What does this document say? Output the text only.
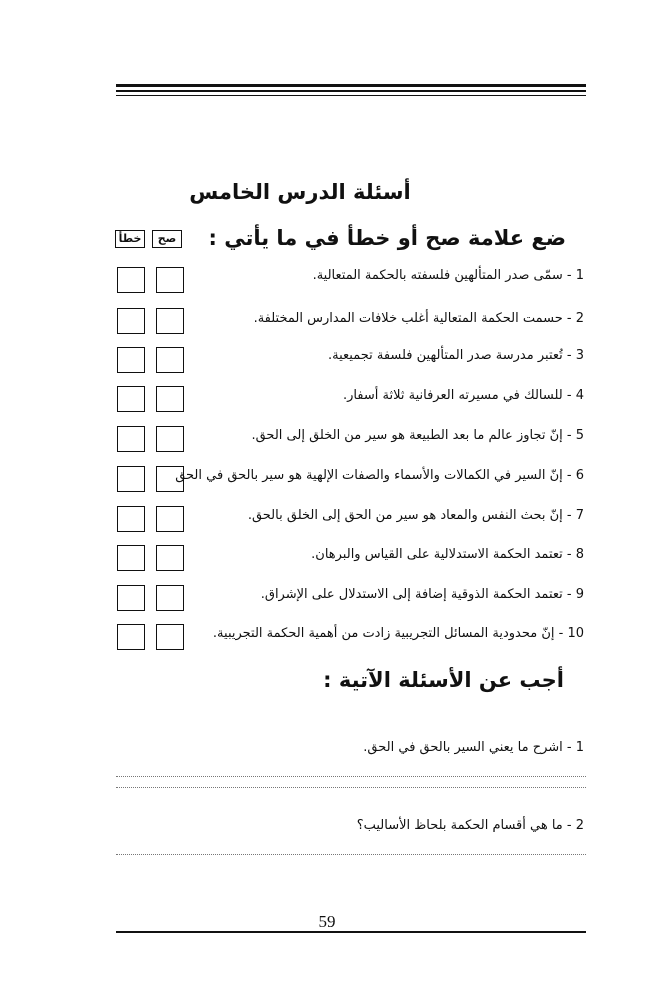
أسئلة الدرس الخامس
ضع علامة صح أو خطأ في ما يأتي :
صح
خطأ
1 - سمّى صدر المتألهين فلسفته بالحكمة المتعالية.
2 - حسمت الحكمة المتعالية أغلب خلافات المدارس المختلفة.
3 - تُعتبر مدرسة صدر المتألهين فلسفة تجميعية.
4 - للسالك في مسيرته العرفانية ثلاثة أسفار.
5 - إنّ تجاوز عالم ما بعد الطبيعة هو سير من الخلق إلى الحق.
6 - إنّ السير في الكمالات والأسماء والصفات الإلهية هو سير بالحق في الحق
7 - إنّ بحث النفس والمعاد هو سير من الحق إلى الخلق بالحق.
8 - تعتمد الحكمة الاستدلالية على القياس والبرهان.
9 - تعتمد الحكمة الذوقية إضافة إلى الاستدلال على الإشراق.
10 - إنّ محدودية المسائل التجريبية زادت من أهمية الحكمة التجريبية.
أجب عن الأسئلة الآتية :
1 - اشرح ما يعني السير بالحق في الحق.
2 - ما هي أقسام الحكمة بلحاظ الأساليب؟
59
